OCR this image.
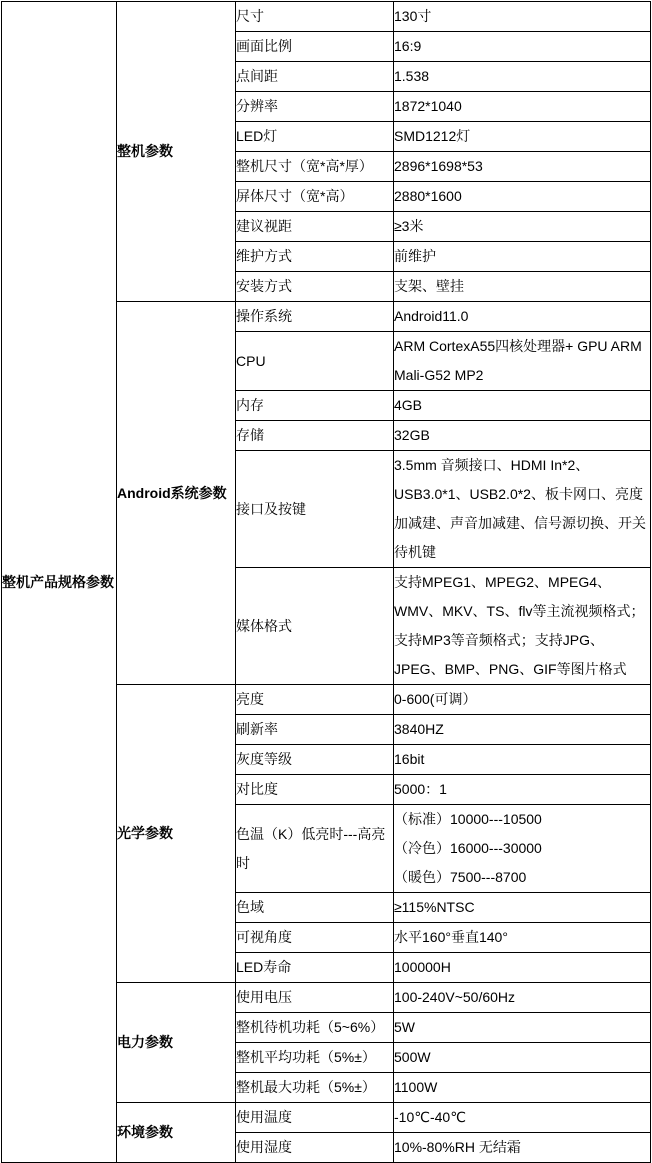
整机产品规格参数	整机参数	尺寸	130寸
		画面比例	16:9
		点间距	1.538
		分辨率	1872*1040
		LED灯	SMD1212灯
		整机尺寸（宽*高*厚）	2896*1698*53
		屏体尺寸（宽*高）	2880*1600
		建议视距	≥3米
		维护方式	前维护
		安装方式	支架、壁挂
	Android系统参数	操作系统	Android11.0
		CPU	ARM CortexA55四核处理器+ GPU ARM Mali-G52 MP2
		内存	4GB
		存储	32GB
		接口及按键	3.5mm 音频接口、HDMI In*2、USB3.0*1、USB2.0*2、板卡网口、亮度加减建、声音加减建、信号源切换、开关待机键
		媒体格式	支持MPEG1、MPEG2、MPEG4、WMV、MKV、TS、flv等主流视频格式；支持MP3等音频格式；支持JPG、JPEG、BMP、PNG、GIF等图片格式
	光学参数	亮度	0-600(可调）
		刷新率	3840HZ
		灰度等级	16bit
		对比度	5000：1
		色温（K）低亮时---高亮时	（标准）10000---10500
（冷色）16000---30000
（暖色）7500---8700

		色域	≥115%NTSC
		可视角度	水平160°垂直140°
		LED寿命	100000H
	电力参数	使用电压	100-240V~50/60Hz
		整机待机功耗（5~6%）	5W
		整机平均功耗（5%±）	500W
		整机最大功耗（5%±）	1100W
	环境参数	使用温度	-10℃-40℃
		使用湿度	10%-80%RH 无结霜
